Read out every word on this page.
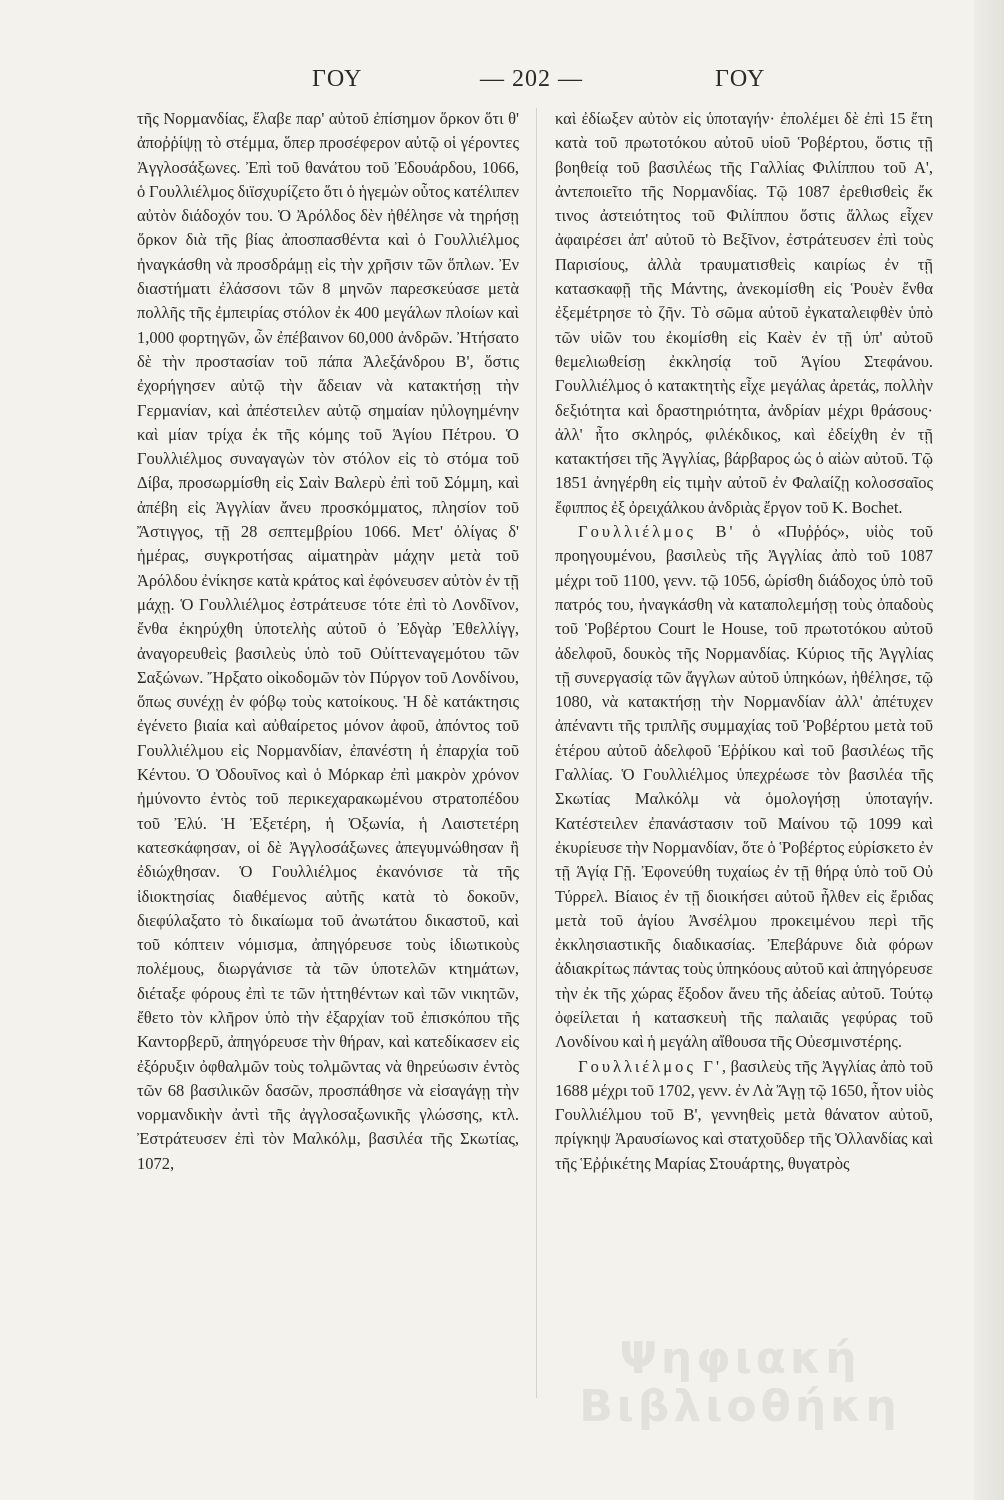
ΓΟΥ	— 202 —	ΓΟΥ

τῆς Νορμανδίας, ἔλαβε παρ' αὐτοῦ ἐπίσημον ὅρκον ὅτι θ' ἀποῤῥίψῃ τὸ στέμμα, ὅπερ προσέφερον αὐτῷ οἱ γέροντες Ἀγγλοσάξωνες. Ἐπὶ τοῦ θανάτου τοῦ Ἐδουάρδου, 1066, ὁ Γουλλιέλμος διϊσχυρίζετο ὅτι ὁ ἡγεμὼν οὗτος κατέλιπεν αὐτὸν διάδοχόν του. Ὁ Ἀρόλδος δὲν ἠθέλησε νὰ τηρήσῃ ὅρκον διὰ τῆς βίας ἀποσπασθέντα καὶ ὁ Γουλλιέλμος ἠναγκάσθη νὰ προσδράμῃ εἰς τὴν χρῆσιν τῶν ὅπλων. Ἐν διαστήματι ἐλάσσονι τῶν 8 μηνῶν παρεσκεύασε μετὰ πολλῆς τῆς ἐμπειρίας στόλον ἐκ 400 μεγάλων πλοίων καὶ 1,000 φορτηγῶν, ὧν ἐπέβαινον 60,000 ἀνδρῶν. Ἠτήσατο δὲ τὴν προστασίαν τοῦ πάπα Ἀλεξάνδρου Β', ὅστις ἐχορήγησεν αὐτῷ τὴν ἄδειαν νὰ κατακτήσῃ τὴν Γερμανίαν, καὶ ἀπέστειλεν αὐτῷ σημαίαν ηὐλογημένην καὶ μίαν τρίχα ἐκ τῆς κόμης τοῦ Ἁγίου Πέτρου. Ὁ Γουλλιέλμος συναγαγὼν τὸν στόλον εἰς τὸ στόμα τοῦ Δίβα, προσωρμίσθη εἰς Σαὶν Βαλερὺ ἐπὶ τοῦ Σόμμη, καὶ ἀπέβη εἰς Ἀγγλίαν ἄνευ προσκόμματος, πλησίον τοῦ Ἄστιγγος, τῇ 28 σεπτεμβρίου 1066. Μετ' ὀλίγας δ' ἡμέρας, συγκροτήσας αἱματηρὰν μάχην μετὰ τοῦ Ἀρόλδου ἐνίκησε κατὰ κράτος καὶ ἐφόνευσεν αὐτὸν ἐν τῇ μάχῃ. Ὁ Γουλλιέλμος ἐστράτευσε τότε ἐπὶ τὸ Λονδῖνον, ἔνθα ἐκηρύχθη ὑποτελὴς αὐτοῦ ὁ Ἐδγὰρ Ἐθελλίγγ, ἀναγορευθεὶς βασιλεὺς ὑπὸ τοῦ Οὐίττεναγεμότου τῶν Σαξώνων. Ἤρξατο οἰκοδομῶν τὸν Πύργον τοῦ Λονδίνου, ὅπως συνέχῃ ἐν φόβῳ τοὺς κατοίκους. Ἡ δὲ κατάκτησις ἐγένετο βιαία καὶ αὐθαίρετος μόνον ἀφοῦ, ἀπόντος τοῦ Γουλλιέλμου εἰς Νορμανδίαν, ἐπανέστη ἡ ἐπαρχία τοῦ Κέντου. Ὁ Ὀδουῖνος καὶ ὁ Μόρκαρ ἐπὶ μακρὸν χρόνον ἠμύνοντο ἐντὸς τοῦ περικεχαρακωμένου στρατοπέδου τοῦ Ἐλύ. Ἡ Ἐξετέρη, ἡ Ὀξωνία, ἡ Λαιστετέρη κατεσκάφησαν, οἱ δὲ Ἀγγλοσάξωνες ἀπεγυμνώθησαν ἢ ἐδιώχθησαν. Ὁ Γουλλιέλμος ἐκανόνισε τὰ τῆς ἰδιοκτησίας διαθέμενος αὐτῆς κατὰ τὸ δοκοῦν, διεφύλαξατο τὸ δικαίωμα τοῦ ἀνωτάτου δικαστοῦ, καὶ τοῦ κόπτειν νόμισμα, ἀπηγόρευσε τοὺς ἰδιωτικοὺς πολέμους, διωργάνισε τὰ τῶν ὑποτελῶν κτημάτων, διέταξε φόρους ἐπὶ τε τῶν ἡττηθέντων καὶ τῶν νικητῶν, ἔθετο τὸν κλῆρον ὑπὸ τὴν ἐξαρχίαν τοῦ ἐπισκόπου τῆς Καντορβερῦ, ἀπηγόρευσε τὴν θήραν, καὶ κατεδίκασεν εἰς ἐξόρυξιν ὀφθαλμῶν τοὺς τολμῶντας νὰ θηρεύωσιν ἐντὸς τῶν 68 βασιλικῶν δασῶν, προσπάθησε νὰ εἰσαγάγῃ τὴν νορμανδικὴν ἀντὶ τῆς ἀγγλοσαξωνικῆς γλώσσης, κτλ. Ἐστράτευσεν ἐπὶ τὸν Μαλκόλμ, βασιλέα τῆς Σκωτίας, 1072,

καὶ ἐδίωξεν αὐτὸν εἰς ὑποταγήν· ἐπολέμει δὲ ἐπὶ 15 ἔτη κατὰ τοῦ πρωτοτόκου αὐτοῦ υἱοῦ Ῥοβέρτου, ὅστις τῇ βοηθείᾳ τοῦ βασιλέως τῆς Γαλλίας Φιλίππου τοῦ Α', ἀντεποιεῖτο τῆς Νορμανδίας. Τῷ 1087 ἐρεθισθεὶς ἔκ τινος ἀστειότητος τοῦ Φιλίππου ὅστις ἄλλως εἶχεν ἀφαιρέσει ἀπ' αὐτοῦ τὸ Βεξῖνον, ἐστράτευσεν ἐπὶ τοὺς Παρισίους, ἀλλὰ τραυματισθεὶς καιρίως ἐν τῇ κατασκαφῇ τῆς Μάντης, ἀνεκομίσθη εἰς Ῥουὲν ἔνθα ἐξεμέτρησε τὸ ζῆν. Τὸ σῶμα αὐτοῦ ἐγκαταλειφθὲν ὑπὸ τῶν υἱῶν του ἐκομίσθη εἰς Καὲν ἐν τῇ ὑπ' αὐτοῦ θεμελιωθείσῃ ἐκκλησίᾳ τοῦ Ἁγίου Στεφάνου. Γουλλιέλμος ὁ κατακτητὴς εἶχε μεγάλας ἀρετάς, πολλὴν δεξιότητα καὶ δραστηριότητα, ἀνδρίαν μέχρι θράσους· ἀλλ' ἦτο σκληρός, φιλέκδικος, καὶ ἐδείχθη ἐν τῇ κατακτήσει τῆς Ἀγγλίας, βάρβαρος ὡς ὁ αἰὼν αὐτοῦ. Τῷ 1851 ἀνηγέρθη εἰς τιμὴν αὐτοῦ ἐν Φαλαίζῃ κολοσσαῖος ἔφιππος ἐξ ὀρειχάλκου ἀνδριὰς ἔργον τοῦ Κ. Bochet.

Γουλλιέλμος Β' ὁ «Πυῤῥός», υἱὸς τοῦ προηγουμένου, βασιλεὺς τῆς Ἀγγλίας ἀπὸ τοῦ 1087 μέχρι τοῦ 1100, γενν. τῷ 1056, ὡρίσθη διάδοχος ὑπὸ τοῦ πατρός του, ἠναγκάσθη νὰ καταπολεμήσῃ τοὺς ὀπαδοὺς τοῦ Ῥοβέρτου Court le House, τοῦ πρωτοτόκου αὐτοῦ ἀδελφοῦ, δουκὸς τῆς Νορμανδίας. Κύριος τῆς Ἀγγλίας τῇ συνεργασίᾳ τῶν ἄγγλων αὐτοῦ ὑπηκόων, ἠθέλησε, τῷ 1080, νὰ κατακτήσῃ τὴν Νορμανδίαν ἀλλ' ἀπέτυχεν ἀπέναντι τῆς τριπλῆς συμμαχίας τοῦ Ῥοβέρτου μετὰ τοῦ ἑτέρου αὐτοῦ ἀδελφοῦ Ἑῤῥίκου καὶ τοῦ βασιλέως τῆς Γαλλίας. Ὁ Γουλλιέλμος ὑπεχρέωσε τὸν βασιλέα τῆς Σκωτίας Μαλκόλμ νὰ ὁμολογήσῃ ὑποταγήν. Κατέστειλεν ἐπανάστασιν τοῦ Μαίνου τῷ 1099 καὶ ἐκυρίευσε τὴν Νορμανδίαν, ὅτε ὁ Ῥοβέρτος εὑρίσκετο ἐν τῇ Ἁγίᾳ Γῇ. Ἐφονεύθη τυχαίως ἐν τῇ θήρᾳ ὑπὸ τοῦ Οὐ Τύρρελ. Βίαιος ἐν τῇ διοικήσει αὐτοῦ ἦλθεν εἰς ἔριδας μετὰ τοῦ ἁγίου Ἀνσέλμου προκειμένου περὶ τῆς ἐκκλησιαστικῆς διαδικασίας. Ἐπεβάρυνε διὰ φόρων ἀδιακρίτως πάντας τοὺς ὑπηκόους αὐτοῦ καὶ ἀπηγόρευσε τὴν ἐκ τῆς χώρας ἔξοδον ἄνευ τῆς ἀδείας αὐτοῦ. Τούτῳ ὀφείλεται ἡ κατασκευὴ τῆς παλαιᾶς γεφύρας τοῦ Λονδίνου καὶ ἡ μεγάλη αἴθουσα τῆς Οὐεσμινστέρης.

Γουλλιέλμος Γ', βασιλεὺς τῆς Ἀγγλίας ἀπὸ τοῦ 1688 μέχρι τοῦ 1702, γενν. ἐν Λὰ Ἄγῃ τῷ 1650, ἦτον υἱὸς Γουλλιέλμου τοῦ Β', γεννηθεὶς μετὰ θάνατον αὐτοῦ, πρίγκηψ Ἀραυσίωνος καὶ στατχοῦδερ τῆς Ὀλλανδίας καὶ τῆς Ἑῤῥικέτης Μαρίας Στουάρτης, θυγατρὸς

Ψηφιακή Βιβλιοθήκη
